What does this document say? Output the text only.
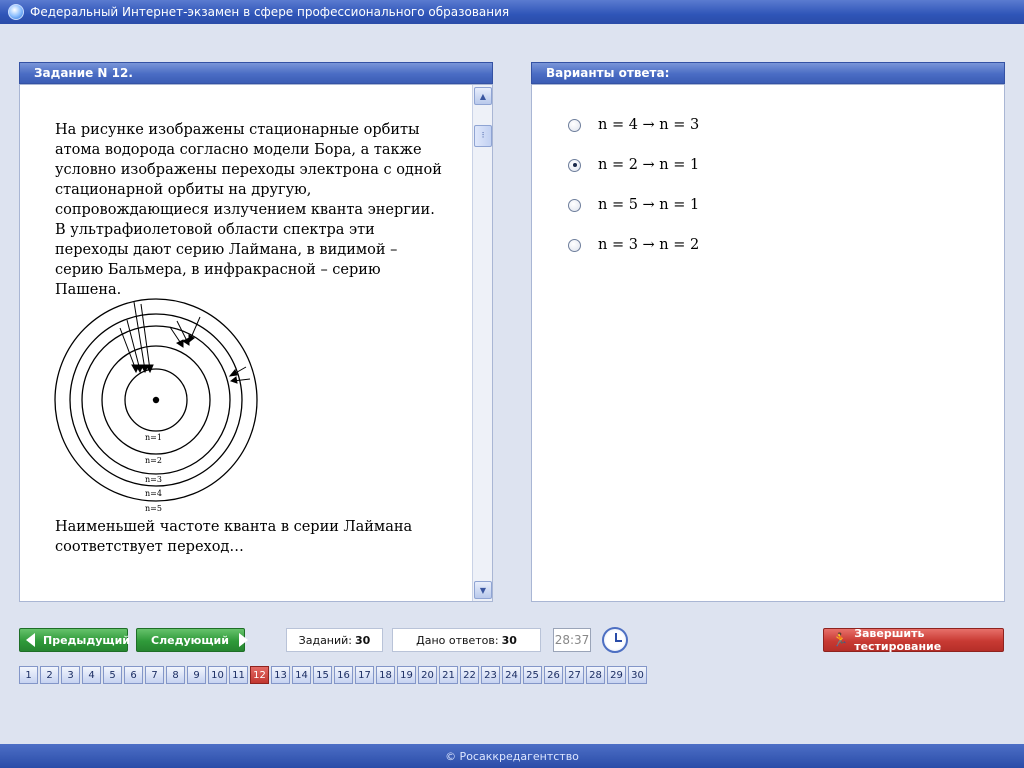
Федеральный Интернет-экзамен в сфере профессионального образования
Задание N 12.
На рисунке изображены стационарные орбиты атома водорода согласно модели Бора, а также условно изображены переходы электрона с одной стационарной орбиты на другую, сопровождающиеся излучением кванта энергии. В ультрафиолетовой области спектра эти переходы дают серию Лаймана, в видимой – серию Бальмера, в инфракрасной – серию Пашена.
n=1
n=2
n=3
n=4
n=5
Наименьшей частоте кванта в серии Лаймана соответствует переход…
▲
⁝
▼
Варианты ответа:
n = 4 → n = 3
n = 2 → n = 1
n = 5 → n = 1
n = 3 → n = 2
Предыдущий Следующий	Заданий: 30	Дано ответов: 30	28:37	🏃 Завершить тестирование
1	2	3	4	5	6	7	8	9	10 11 12 13 14 15 16 17 18 19 20 21 22 23 24 25 26 27 28 29 30
© Росаккредагентство
